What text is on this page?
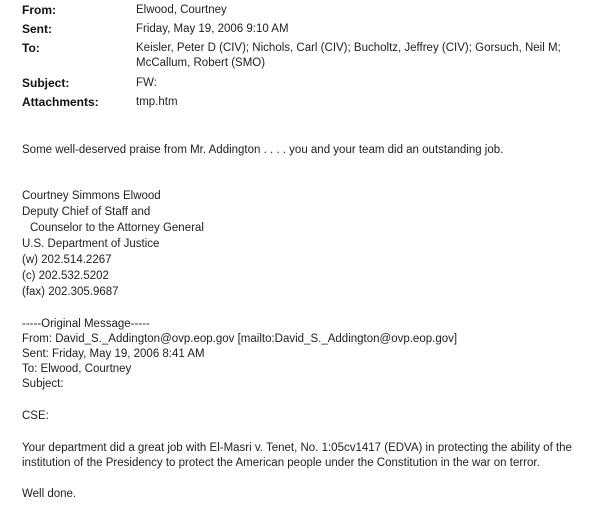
From:	Elwood, Courtney
Sent:	Friday, May 19, 2006 9:10 AM
To:	Keisler, Peter D (CIV); Nichols, Carl (CIV); Bucholtz, Jeffrey (CIV); Gorsuch, Neil M; McCallum, Robert (SMO)
Subject:	FW:
Attachments:	tmp.htm
Some well-deserved praise from Mr. Addington . . . . you and your team did an outstanding job.
Courtney Simmons Elwood
Deputy Chief of Staff and
Counselor to the Attorney General
U.S. Department of Justice
(w) 202.514.2267
(c) 202.532.5202
(fax) 202.305.9687
-----Original Message-----
From: David_S._Addington@ovp.eop.gov [mailto:David_S._Addington@ovp.eop.gov]
Sent: Friday, May 19, 2006 8:41 AM
To: Elwood, Courtney
Subject:
CSE:
Your department did a great job with El-Masri v. Tenet, No. 1:05cv1417 (EDVA) in protecting the ability of the institution of the Presidency to protect the American people under the Constitution in the war on terror.
Well done.
